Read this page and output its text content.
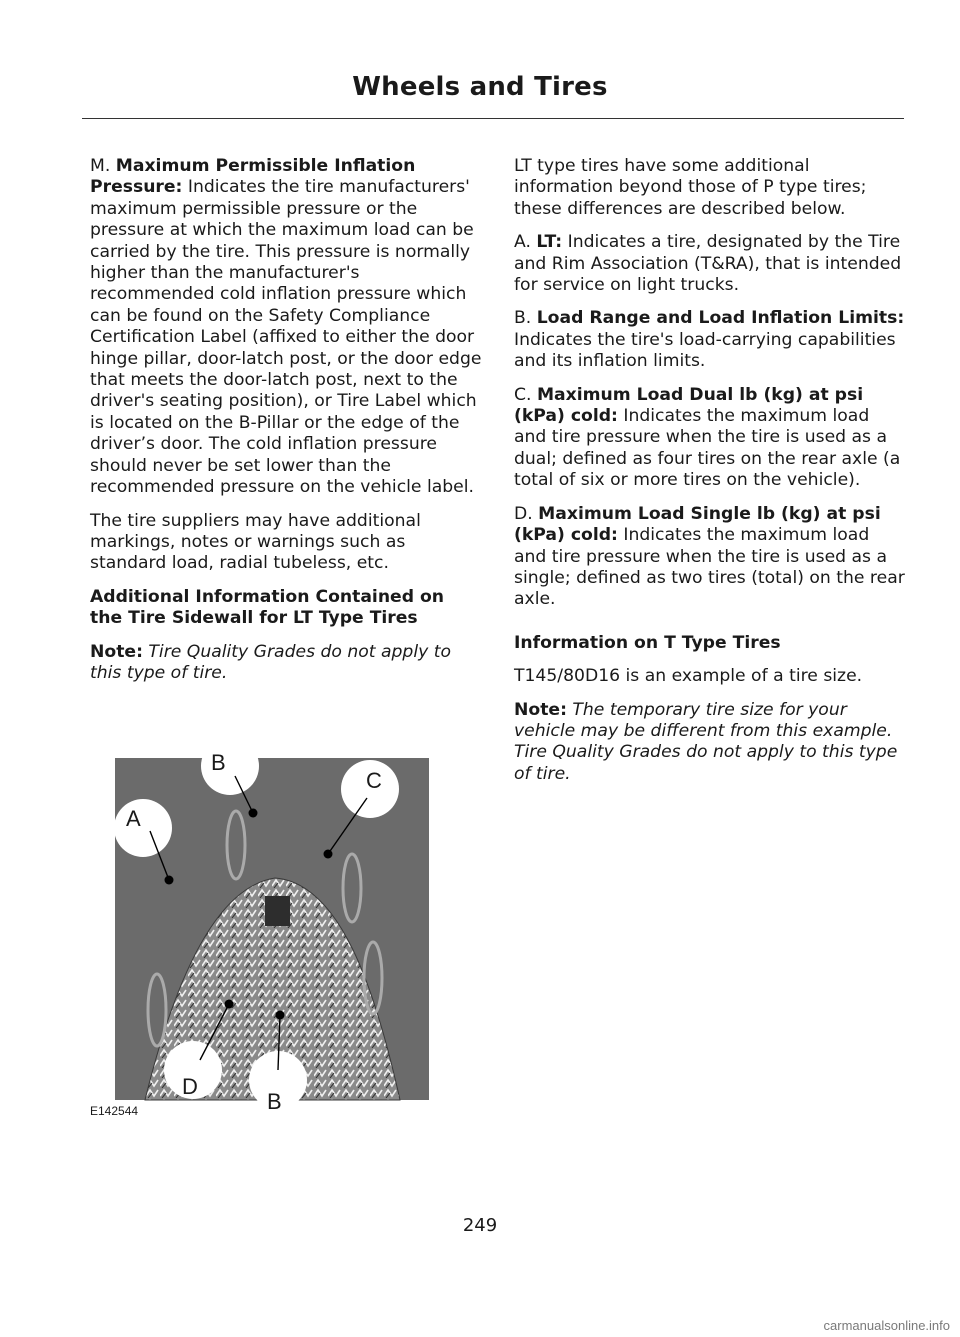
Wheels and Tires

M. Maximum Permissible Inflation Pressure: Indicates the tire manufacturers' maximum permissible pressure or the pressure at which the maximum load can be carried by the tire. This pressure is normally higher than the manufacturer's recommended cold inflation pressure which can be found on the Safety Compliance Certification Label (affixed to either the door hinge pillar, door-latch post, or the door edge that meets the door-latch post, next to the driver's seating position), or Tire Label which is located on the B-Pillar or the edge of the driver’s door. The cold inflation pressure should never be set lower than the recommended pressure on the vehicle label.

The tire suppliers may have additional markings, notes or warnings such as standard load, radial tubeless, etc.

Additional Information Contained on the Tire Sidewall for LT Type Tires

Note: Tire Quality Grades do not apply to this type of tire.

A
B
C
D
B
E142544

LT type tires have some additional information beyond those of P type tires; these differences are described below.

A. LT: Indicates a tire, designated by the Tire and Rim Association (T&RA), that is intended for service on light trucks.

B. Load Range and Load Inflation Limits: Indicates the tire's load-carrying capabilities and its inflation limits.

C. Maximum Load Dual lb (kg) at psi (kPa) cold: Indicates the maximum load and tire pressure when the tire is used as a dual; defined as four tires on the rear axle (a total of six or more tires on the vehicle).

D. Maximum Load Single lb (kg) at psi (kPa) cold: Indicates the maximum load and tire pressure when the tire is used as a single; defined as two tires (total) on the rear axle.

Information on T Type Tires

T145/80D16 is an example of a tire size.

Note: The temporary tire size for your vehicle may be different from this example. Tire Quality Grades do not apply to this type of tire.

249
carmanualsonline.info
